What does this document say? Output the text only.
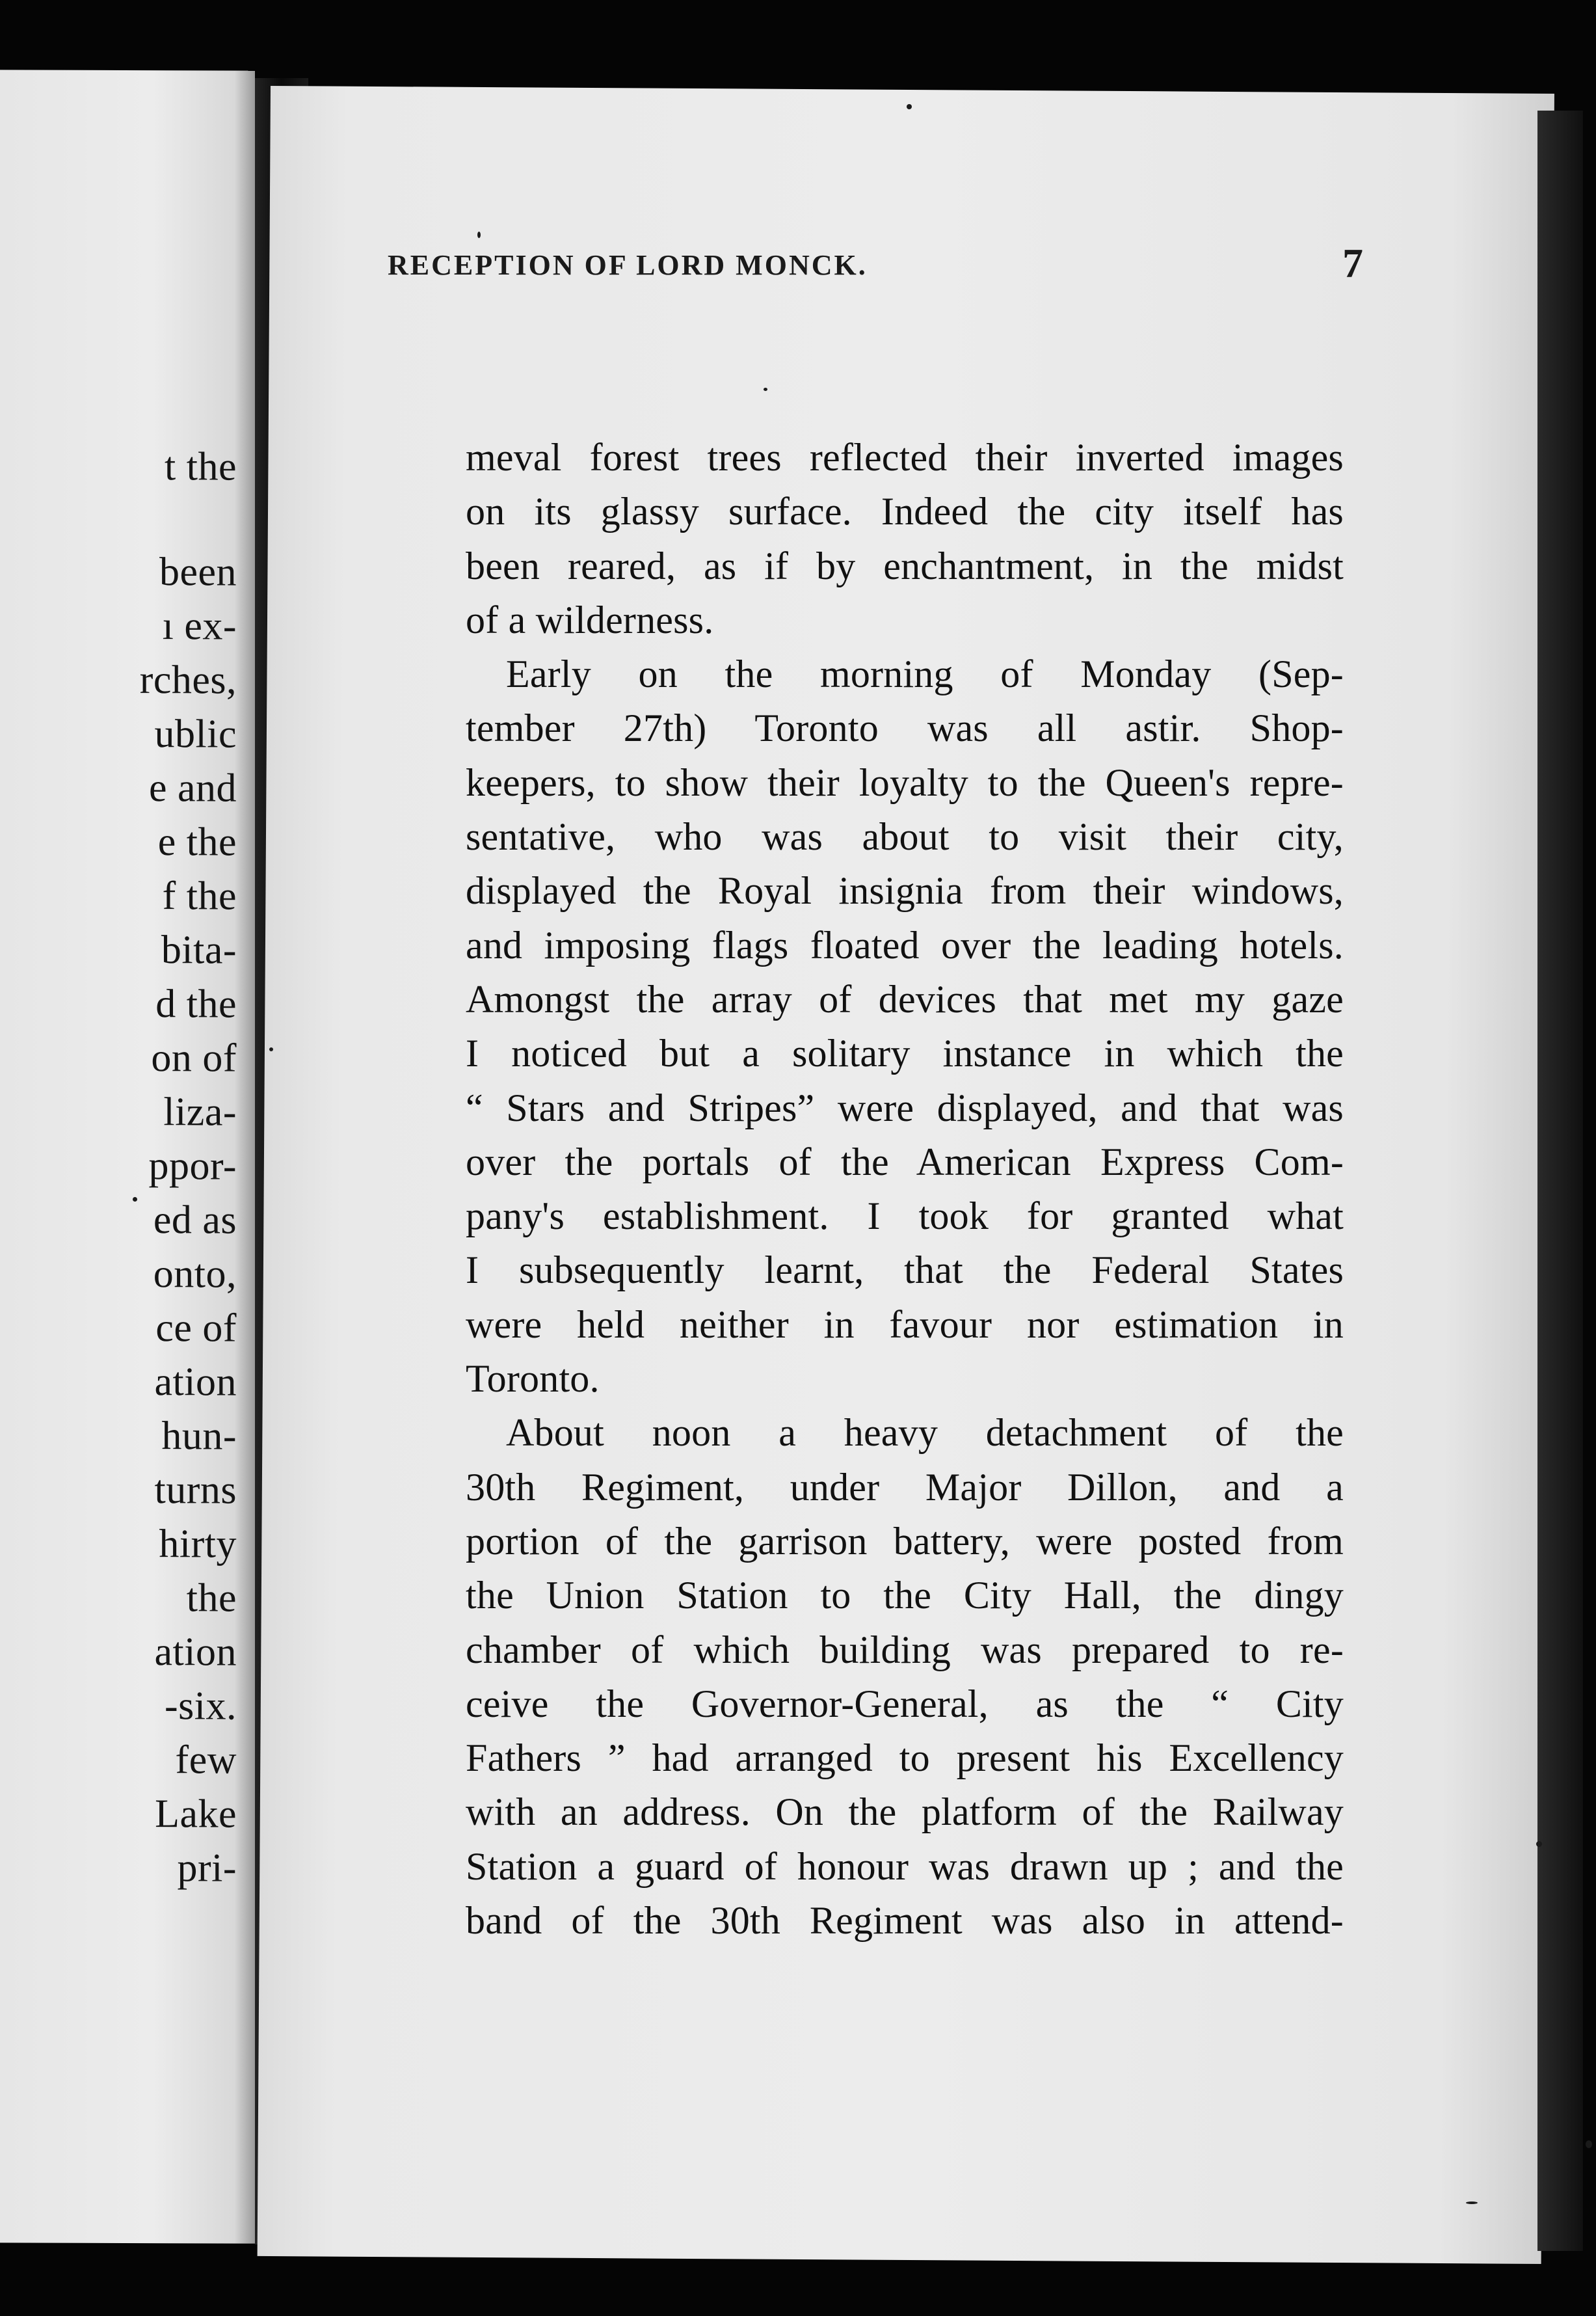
t the
been
ı ex-
rches,
ublic
e and
e the
f the
bita-
d the
on of
liza-
ppor-
ed as
onto,
ce of
ation
hun-
turns
hirty
the
ation
-six.
few
Lake
pri-
RECEPTION OF LORD MONCK.	7
meval forest trees reflected their inverted images
on its glassy surface. Indeed the city itself has
been reared, as if by enchantment, in the midst
of a wilderness.
Early on the morning of Monday (Sep-
tember 27th) Toronto was all astir. Shop-
keepers, to show their loyalty to the Queen's repre-
sentative, who was about to visit their city,
displayed the Royal insignia from their windows,
and imposing flags floated over the leading hotels.
Amongst the array of devices that met my gaze
I noticed but a solitary instance in which the
“ Stars and Stripes” were displayed, and that was
over the portals of the American Express Com-
pany's establishment. I took for granted what
I subsequently learnt, that the Federal States
were held neither in favour nor estimation in
Toronto.
About noon a heavy detachment of the
30th Regiment, under Major Dillon, and a
portion of the garrison battery, were posted from
the Union Station to the City Hall, the dingy
chamber of which building was prepared to re-
ceive the Governor-General, as the “ City
Fathers ” had arranged to present his Excellency
with an address. On the platform of the Railway
Station a guard of honour was drawn up ; and the
band of the 30th Regiment was also in attend-
